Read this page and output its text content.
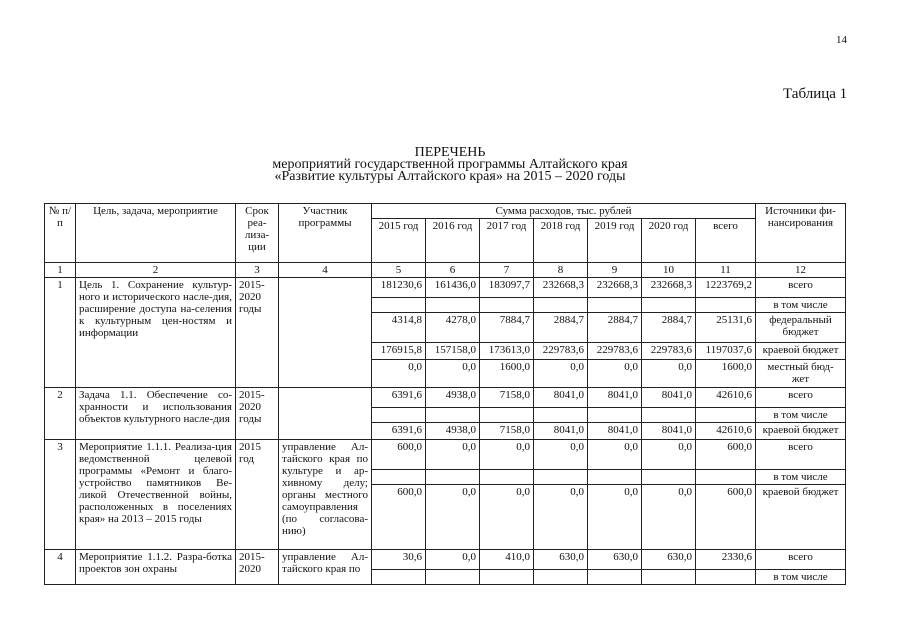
14
Таблица 1
ПЕРЕЧЕНЬ
мероприятий государственной программы Алтайского края
«Развитие культуры Алтайского края» на 2015 – 2020 годы
№ п/п	Цель, задача, мероприятие	Срок реа-лиза-ции	Участник программы	Сумма расходов, тыс. рублей							Источники фи-нансирования
				2015 год	2016 год	2017 год	2018 год	2019 год	2020 год	всего	
1	2	3	4	5	6	7	8	9	10	11	12
1	Цель 1. Сохранение культур-ного и исторического насле-дия, расширение доступа на-селения к культурным цен-ностям и информации	2015-2020 годы		181230,6	161436,0	183097,7	232668,3	232668,3	232668,3	1223769,2	всего
											в том числе
				4314,8	4278,0	7884,7	2884,7	2884,7	2884,7	25131,6	федеральный бюджет
				176915,8	157158,0	173613,0	229783,6	229783,6	229783,6	1197037,6	краевой бюджет
				0,0	0,0	1600,0	0,0	0,0	0,0	1600,0	местный бюд-жет
2	Задача 1.1. Обеспечение со-хранности и использования объектов культурного насле-дия	2015-2020 годы		6391,6	4938,0	7158,0	8041,0	8041,0	8041,0	42610,6	всего
											в том числе
				6391,6	4938,0	7158,0	8041,0	8041,0	8041,0	42610,6	краевой бюджет
3	Мероприятие 1.1.1. Реализа-ция ведомственной целевой программы «Ремонт и благо-устройство памятников Ве-ликой Отечественной войны, расположенных в поселениях края» на 2013 – 2015 годы	2015 год	управление Ал-тайского края по культуре и ар-хивному делу; органы местного самоуправления (по согласова-нию)	600,0	0,0	0,0	0,0	0,0	0,0	600,0	всего
											в том числе
				600,0	0,0	0,0	0,0	0,0	0,0	600,0	краевой бюджет
4	Мероприятие 1.1.2. Разра-ботка проектов зон охраны	2015-2020	управление Ал-тайского края по	30,6	0,0	410,0	630,0	630,0	630,0	2330,6	всего
											в том числе
